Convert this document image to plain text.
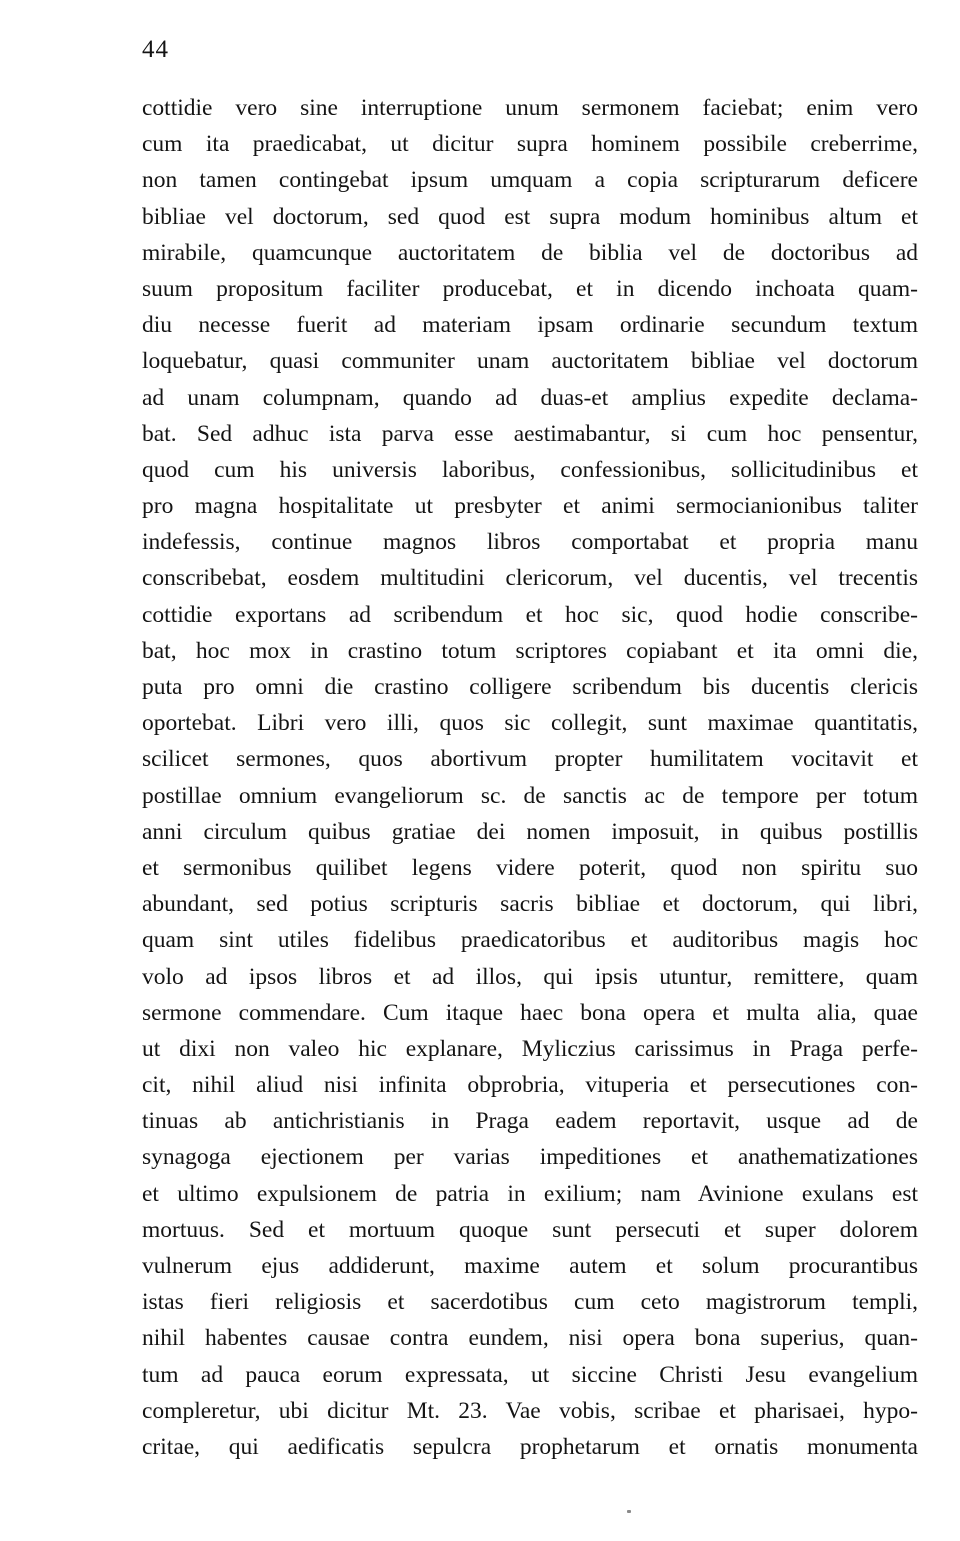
44
cottidie vero sine interruptione unum sermonem faciebat; enim vero
cum ita praedicabat, ut dicitur supra hominem possibile creberrime,
non tamen contingebat ipsum umquam a copia scripturarum deficere
bibliae vel doctorum, sed quod est supra modum hominibus altum et
mirabile, quamcunque auctoritatem de biblia vel de doctoribus ad
suum propositum faciliter producebat, et in dicendo inchoata quam-
diu necesse fuerit ad materiam ipsam ordinarie secundum textum
loquebatur, quasi communiter unam auctoritatem bibliae vel doctorum
ad unam columpnam, quando ad duas-et amplius expedite declama-
bat. Sed adhuc ista parva esse aestimabantur, si cum hoc pensentur,
quod cum his universis laboribus, confessionibus, sollicitudinibus et
pro magna hospitalitate ut presbyter et animi sermocianionibus taliter
indefessis, continue magnos libros comportabat et propria manu
conscribebat, eosdem multitudini clericorum, vel ducentis, vel trecentis
cottidie exportans ad scribendum et hoc sic, quod hodie conscribe-
bat, hoc mox in crastino totum scriptores copiabant et ita omni die,
puta pro omni die crastino colligere scribendum bis ducentis clericis
oportebat. Libri vero illi, quos sic collegit, sunt maximae quantitatis,
scilicet sermones, quos abortivum propter humilitatem vocitavit et
postillae omnium evangeliorum sc. de sanctis ac de tempore per totum
anni circulum quibus gratiae dei nomen imposuit, in quibus postillis
et sermonibus quilibet legens videre poterit, quod non spiritu suo
abundant, sed potius scripturis sacris bibliae et doctorum, qui libri,
quam sint utiles fidelibus praedicatoribus et auditoribus magis hoc
volo ad ipsos libros et ad illos, qui ipsis utuntur, remittere, quam
sermone commendare. Cum itaque haec bona opera et multa alia, quae
ut dixi non valeo hic explanare, Myliczius carissimus in Praga perfe-
cit, nihil aliud nisi infinita obprobria, vituperia et persecutiones con-
tinuas ab antichristianis in Praga eadem reportavit, usque ad de
synagoga ejectionem per varias impeditiones et anathematizationes
et ultimo expulsionem de patria in exilium; nam Avinione exulans est
mortuus. Sed et mortuum quoque sunt persecuti et super dolorem
vulnerum ejus addiderunt, maxime autem et solum procurantibus
istas fieri religiosis et sacerdotibus cum ceto magistrorum templi,
nihil habentes causae contra eundem, nisi opera bona superius, quan-
tum ad pauca eorum expressata, ut siccine Christi Jesu evangelium
compleretur, ubi dicitur Mt. 23. Vae vobis, scribae et pharisaei, hypo-
critae, qui aedificatis sepulcra prophetarum et ornatis monumenta
